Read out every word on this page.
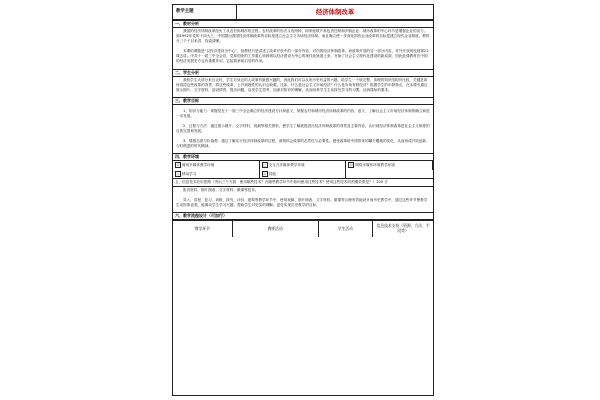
教学主题	经济体制改革
一、教材分析

我国的经济体制改革经历了从农村到城市的过程。农村改革的形式又有两种，即家庭联产承包责任制和乡镇企业；城市改革的中心环节是增强企业的活力。到1992年党的十四大上，中国提出我国经济体制改革的目标是建立社会主义市场经济体制。而且确立使一步深化国有企业改革的目标是建立现代企业制度。教材分三个子目来讲，线索清晰。

本课的课题是“以经济建设为中心”，但教材只是讲述了改革开放中的一部分内容，对内的经济体制改革，而改革开放的另一部分内容，对外开放则放到第21课去讲。中共十一届三中全会后，党和国家的工作重心转移到以经济建设为中心的现代化轨道上来，开始了社会主义现代化建设的新局面，因此此课教材在中国的经济发展史方也有重要作用，它起着承前启后的作用。

二、学生分析

我校学生大部分来自农村，学生对身边的人或事有最感兴趣的，因此我们可以从所历史有益的兴趣，给学生一个较完整、条理的知识结构仍比较，关键是如何讲清这些改革的背景、将这些改革，上升到理性的认识会较难。比如，什么是社会主义市场经济？什么是市场有制经济？根据学生的年龄特点，在本课中通过展示图片、文字资料，创设情景，提出问题，启发学生思考，加深对知识的理解，从而培养学生主动探究学习的习惯，达到课标的要求。

三、教学目标

1、知识与能力：掌握党在十一届三中全会确立的经济建设方针和意义，掌握农村和城市经济体制改革的内容、意义，了解社会主义市场经济体制的确立和进一步发展。

2、过程与方法：通过展示图片、文字材料、视频等相关资料，使学生了解我国进行经济体制改革的背景及主要内容，认识到经济体制改革是社会主义制度的自我完善和发展。

3、情感态度与价值观：通过了解实行经济体制改革的过程，深刻体会改革的必然性与必要性。感受改革给中国带来的翻天覆地的变化，从而形成开拓创新、与时俱进的时代精神。

四、教学环境
☑ 简易多媒体教学环境	□ 交互式多媒体教学环境	☑ 网络多媒体环境教学环境
□ 移动学习	☑ 其他
五、信息技术应用思路（突出三个方面：使用哪些技术？在哪些教学环节中如何使用这些技术？使用这些技术的预期效果是？）200 字

影音资料、图片图表、文字材料、微课等技术。

导入、讲授、复习、训练、探究、评价、建构等教学环节中，使用视频、图片图表、文字材料，微课等合理有效地设计而历史教学中，通过这些环节使教学生动形象直观，能调动学生学习兴趣，帮助学生对史实的理解，更好实现历史教学的目标。

六、教学流程设计（可加行）
教学环节	教师活动	学生活动	信息技术支持（资源、方法、手段等）
